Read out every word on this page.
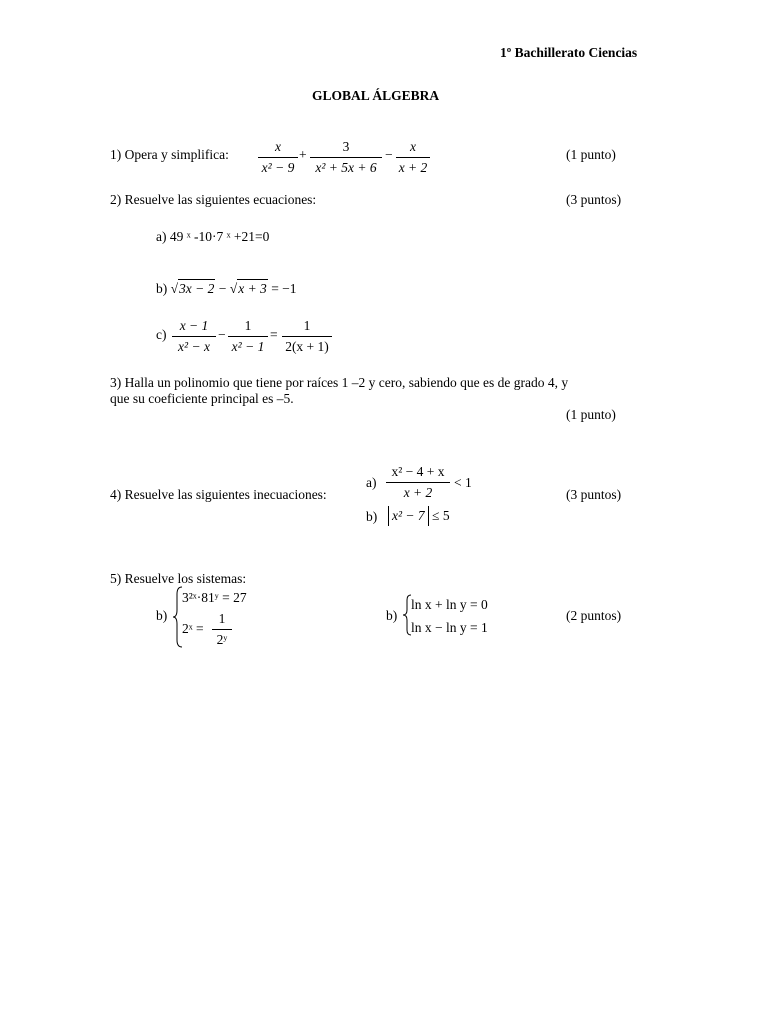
1º Bachillerato Ciencias
GLOBAL ÁLGEBRA
1) Opera y simplifica:
x
x² − 9
+
3
x² + 5x + 6
−
x
x + 2
(1 punto)
2) Resuelve las siguientes ecuaciones:	(3 puntos)
a) 49 ˣ -10·7 ˣ +21=0
b) √3x − 2 − √x + 3 = −1
c)
x − 1
x² − x
−
1
x² − 1
=
1
2(x + 1)
3) Halla un polinomio que tiene por raíces 1 –2 y cero, sabiendo que es de grado 4, y
que su coeficiente principal es –5.
(1 punto)
4) Resuelve las siguientes inecuaciones:
a)
x² − 4 + x
x + 2
< 1
b) x² − 7 ≤ 5
(3 puntos)
5) Resuelve los sistemas:
b)
3²ˣ·81ʸ = 27
2ˣ =
1
2ʸ
b)
ln x + ln y = 0
ln x − ln y = 1
(2 puntos)
